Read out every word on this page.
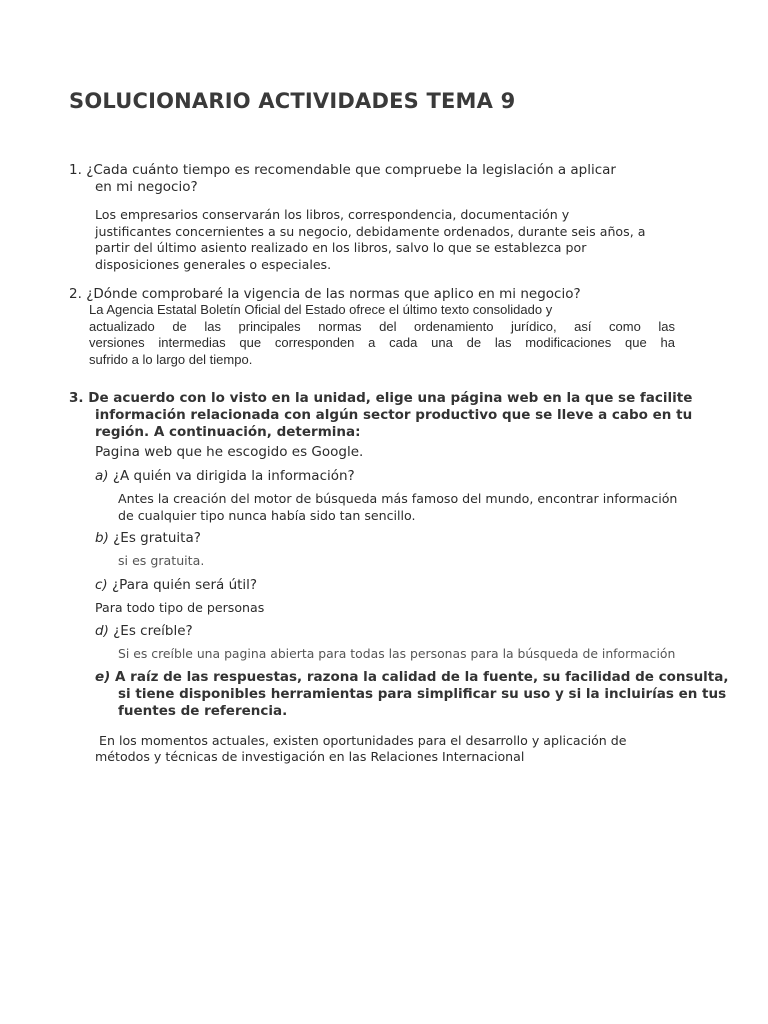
SOLUCIONARIO ACTIVIDADES TEMA 9
1. ¿Cada cuánto tiempo es recomendable que compruebe la legislación a aplicar
en mi negocio?
Los empresarios conservarán los libros, correspondencia, documentación y
justificantes concernientes a su negocio, debidamente ordenados, durante seis años, a
partir del último asiento realizado en los libros, salvo lo que se establezca por
disposiciones generales o especiales.
2. ¿Dónde comprobaré la vigencia de las normas que aplico en mi negocio?
La Agencia Estatal Boletín Oficial del Estado ofrece el último texto consolidado y
actualizado de las principales normas del ordenamiento jurídico, así como las
versiones intermedias que corresponden a cada una de las modificaciones que ha
sufrido a lo largo del tiempo.
3. De acuerdo con lo visto en la unidad, elige una página web en la que se facilite
información relacionada con algún sector productivo que se lleve a cabo en tu
región. A continuación, determina:
Pagina web que he escogido es Google.
a) ¿A quién va dirigida la información?
Antes la creación del motor de búsqueda más famoso del mundo, encontrar información
de cualquier tipo nunca había sido tan sencillo.
b) ¿Es gratuita?
si es gratuita.
c) ¿Para quién será útil?
Para todo tipo de personas
d) ¿Es creíble?
Si es creíble una pagina abierta para todas las personas para la búsqueda de información
e) A raíz de las respuestas, razona la calidad de la fuente, su facilidad de consulta,
si tiene disponibles herramientas para simplificar su uso y si la incluirías en tus
fuentes de referencia.
En los momentos actuales, existen oportunidades para el desarrollo y aplicación de
métodos y técnicas de investigación en las Relaciones Internacional
